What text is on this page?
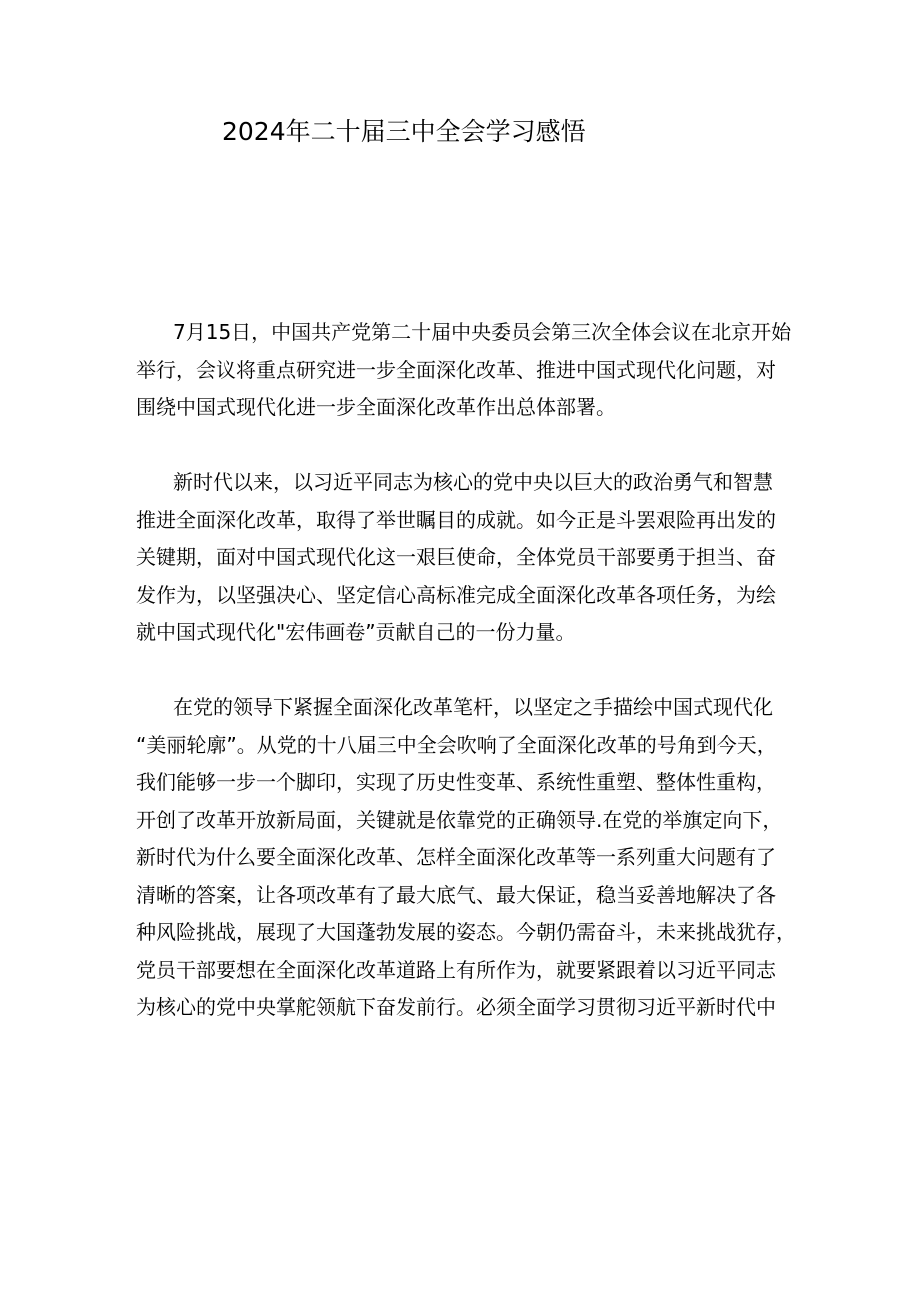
2024年二十届三中全会学习感悟
7月15日，中国共产党第二十届中央委员会第三次全体会议在北京开始
举行，会议将重点研究进一步全面深化改革、推进中国式现代化问题，对
围绕中国式现代化进一步全面深化改革作出总体部署。
新时代以来，以习近平同志为核心的党中央以巨大的政治勇气和智慧
推进全面深化改革，取得了举世瞩目的成就。如今正是斗罢艰险再出发的
关键期，面对中国式现代化这一艰巨使命，全体党员干部要勇于担当、奋
发作为，以坚强决心、坚定信心高标准完成全面深化改革各项任务，为绘
就中国式现代化"宏伟画卷”贡献自己的一份力量。
在党的领导下紧握全面深化改革笔杆，以坚定之手描绘中国式现代化
“美丽轮廓”。从党的十八届三中全会吹响了全面深化改革的号角到今天，
我们能够一步一个脚印，实现了历史性变革、系统性重塑、整体性重构，
开创了改革开放新局面，关键就是依靠党的正确领导.在党的举旗定向下，
新时代为什么要全面深化改革、怎样全面深化改革等一系列重大问题有了
清晰的答案，让各项改革有了最大底气、最大保证，稳当妥善地解决了各
种风险挑战，展现了大国蓬勃发展的姿态。今朝仍需奋斗，未来挑战犹存，
党员干部要想在全面深化改革道路上有所作为，就要紧跟着以习近平同志
为核心的党中央掌舵领航下奋发前行。必须全面学习贯彻习近平新时代中
